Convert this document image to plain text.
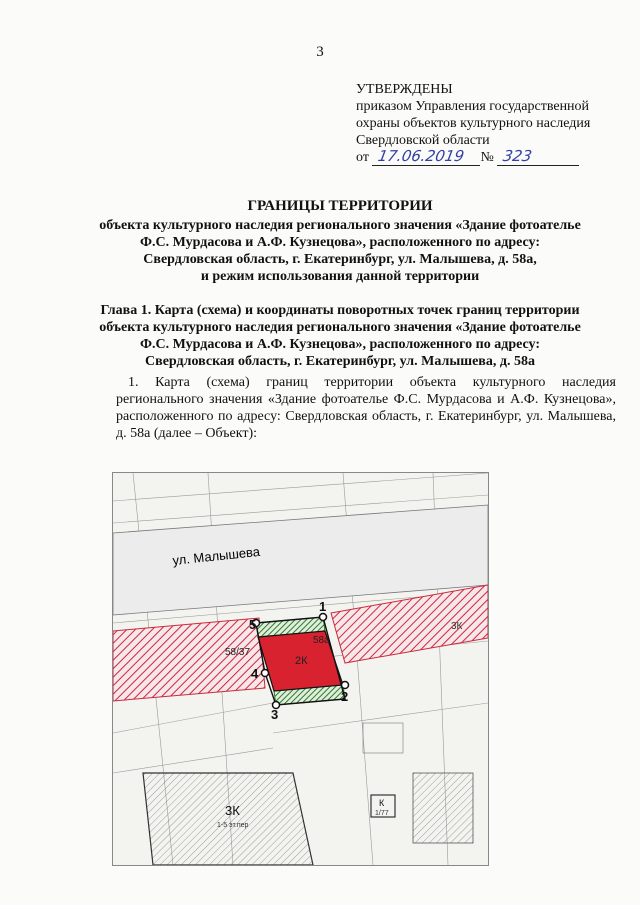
3
УТВЕРЖДЕНЫ
приказом Управления государственной
охраны объектов культурного наследия
Свердловской области
от 17.06.2019 № 323
ГРАНИЦЫ ТЕРРИТОРИИ
объекта культурного наследия регионального значения «Здание фотоателье
Ф.С. Мурдасова и А.Ф. Кузнецова», расположенного по адресу:
Свердловская область, г. Екатеринбург, ул. Малышева, д. 58а,
и режим использования данной территории
Глава 1. Карта (схема) и координаты поворотных точек границ территории
объекта культурного наследия регионального значения «Здание фотоателье
Ф.С. Мурдасова и А.Ф. Кузнецова», расположенного по адресу:
Свердловская область, г. Екатеринбург, ул. Малышева, д. 58а
1. Карта (схема) границ территории объекта культурного наследия
регионального значения «Здание фотоателье Ф.С. Мурдасова и А.Ф. Кузнецова»,
расположенного по адресу: Свердловская область, г. Екатеринбург, ул. Малышева,
д. 58а (далее – Объект):
ул. Малышева
3К
2К
58а
58/37
1
2
3
4
5
3К
1-5 эт.пер
К
1/77
